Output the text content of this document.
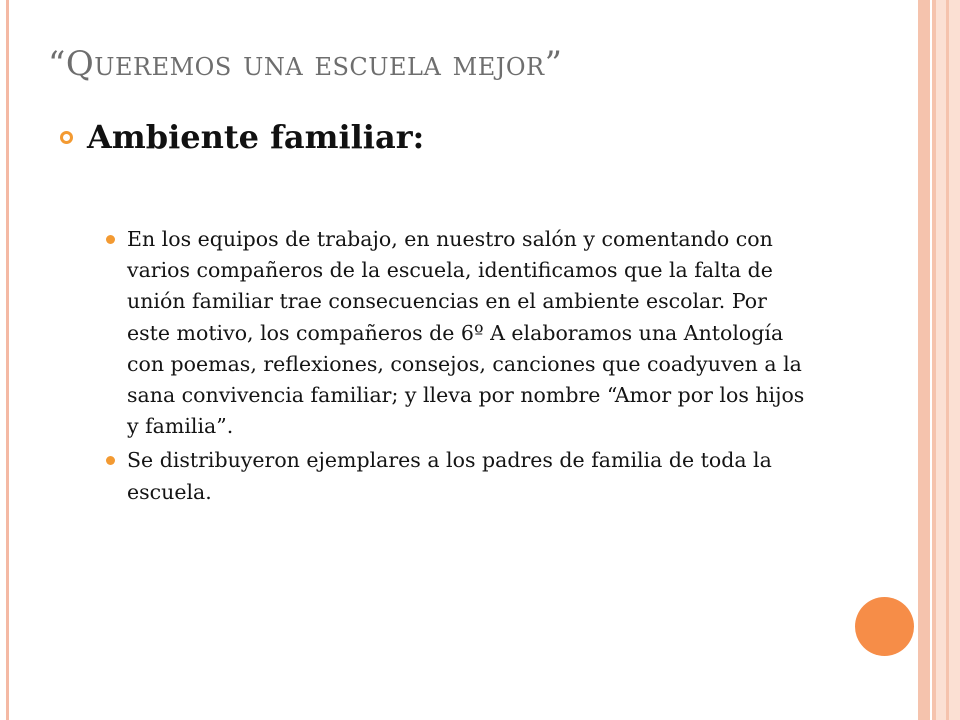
“Queremos una escuela mejor”
Ambiente familiar:
En los equipos de trabajo, en nuestro salón y comentando con varios compañeros de la escuela, identificamos que la falta de unión familiar trae consecuencias en el ambiente escolar. Por este motivo, los compañeros de 6º A elaboramos una Antología con poemas, reflexiones, consejos, canciones que coadyuven a la sana convivencia familiar; y lleva por nombre “Amor por los hijos y familia”.
Se distribuyeron ejemplares a los padres de familia de toda la escuela.
